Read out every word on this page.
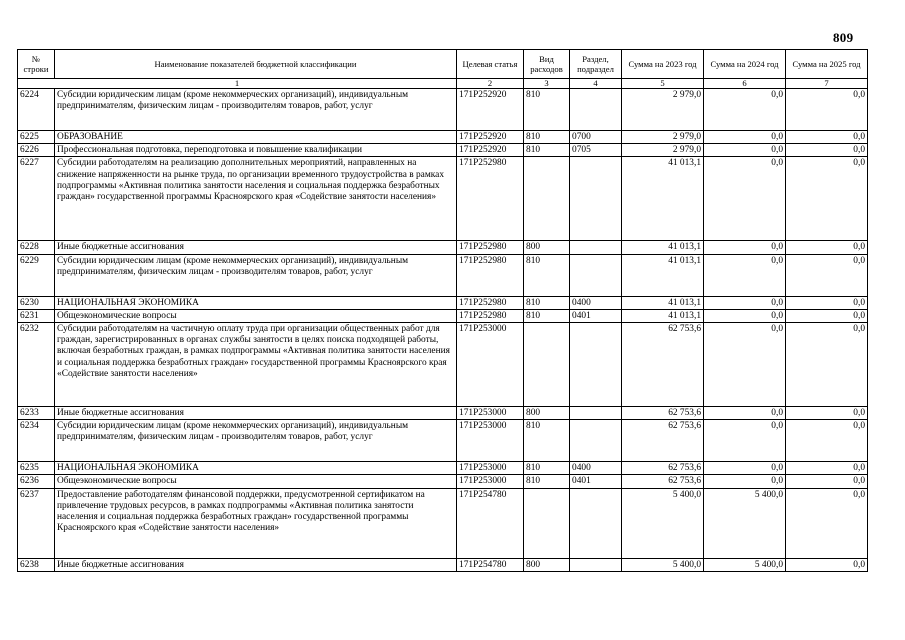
809
№ строки	Наименование показателей бюджетной классификации	Целевая статья	Вид расходов	Раздел, подраздел	Сумма на 2023 год	Сумма на 2024 год	Сумма на 2025 год
1		2	3	4	5	6	7
6224	Субсидии юридическим лицам (кроме некоммерческих организаций), индивидуальным предпринимателям, физическим лицам - производителям товаров, работ, услуг	171P252920	810		2 979,0	0,0	0,0
6225	ОБРАЗОВАНИЕ	171P252920	810	0700	2 979,0	0,0	0,0
6226	Профессиональная подготовка, переподготовка и повышение квалификации	171P252920	810	0705	2 979,0	0,0	0,0
6227	Субсидии работодателям на реализацию дополнительных мероприятий, направленных на снижение напряженности на рынке труда, по организации временного трудоустройства в рамках подпрограммы «Активная политика занятости населения и социальная поддержка безработных граждан» государственной программы Красноярского края «Содействие занятости населения»	171P252980			41 013,1	0,0	0,0
6228	Иные бюджетные ассигнования	171P252980	800		41 013,1	0,0	0,0
6229	Субсидии юридическим лицам (кроме некоммерческих организаций), индивидуальным предпринимателям, физическим лицам - производителям товаров, работ, услуг	171P252980	810		41 013,1	0,0	0,0
6230	НАЦИОНАЛЬНАЯ ЭКОНОМИКА	171P252980	810	0400	41 013,1	0,0	0,0
6231	Общеэкономические вопросы	171P252980	810	0401	41 013,1	0,0	0,0
6232	Субсидии работодателям на частичную оплату труда при организации общественных работ для граждан, зарегистрированных в органах службы занятости в целях поиска подходящей работы, включая безработных граждан, в рамках подпрограммы «Активная политика занятости населения и социальная поддержка безработных граждан» государственной программы Красноярского края «Содействие занятости населения»	171P253000			62 753,6	0,0	0,0
6233	Иные бюджетные ассигнования	171P253000	800		62 753,6	0,0	0,0
6234	Субсидии юридическим лицам (кроме некоммерческих организаций), индивидуальным предпринимателям, физическим лицам - производителям товаров, работ, услуг	171P253000	810		62 753,6	0,0	0,0
6235	НАЦИОНАЛЬНАЯ ЭКОНОМИКА	171P253000	810	0400	62 753,6	0,0	0,0
6236	Общеэкономические вопросы	171P253000	810	0401	62 753,6	0,0	0,0
6237	Предоставление работодателям финансовой поддержки, предусмотренной сертификатом на привлечение трудовых ресурсов, в рамках подпрограммы «Активная политика занятости населения и социальная поддержка безработных граждан» государственной программы Красноярского края «Содействие занятости населения»	171P254780			5 400,0	5 400,0	0,0
6238	Иные бюджетные ассигнования	171P254780	800		5 400,0	5 400,0	0,0
